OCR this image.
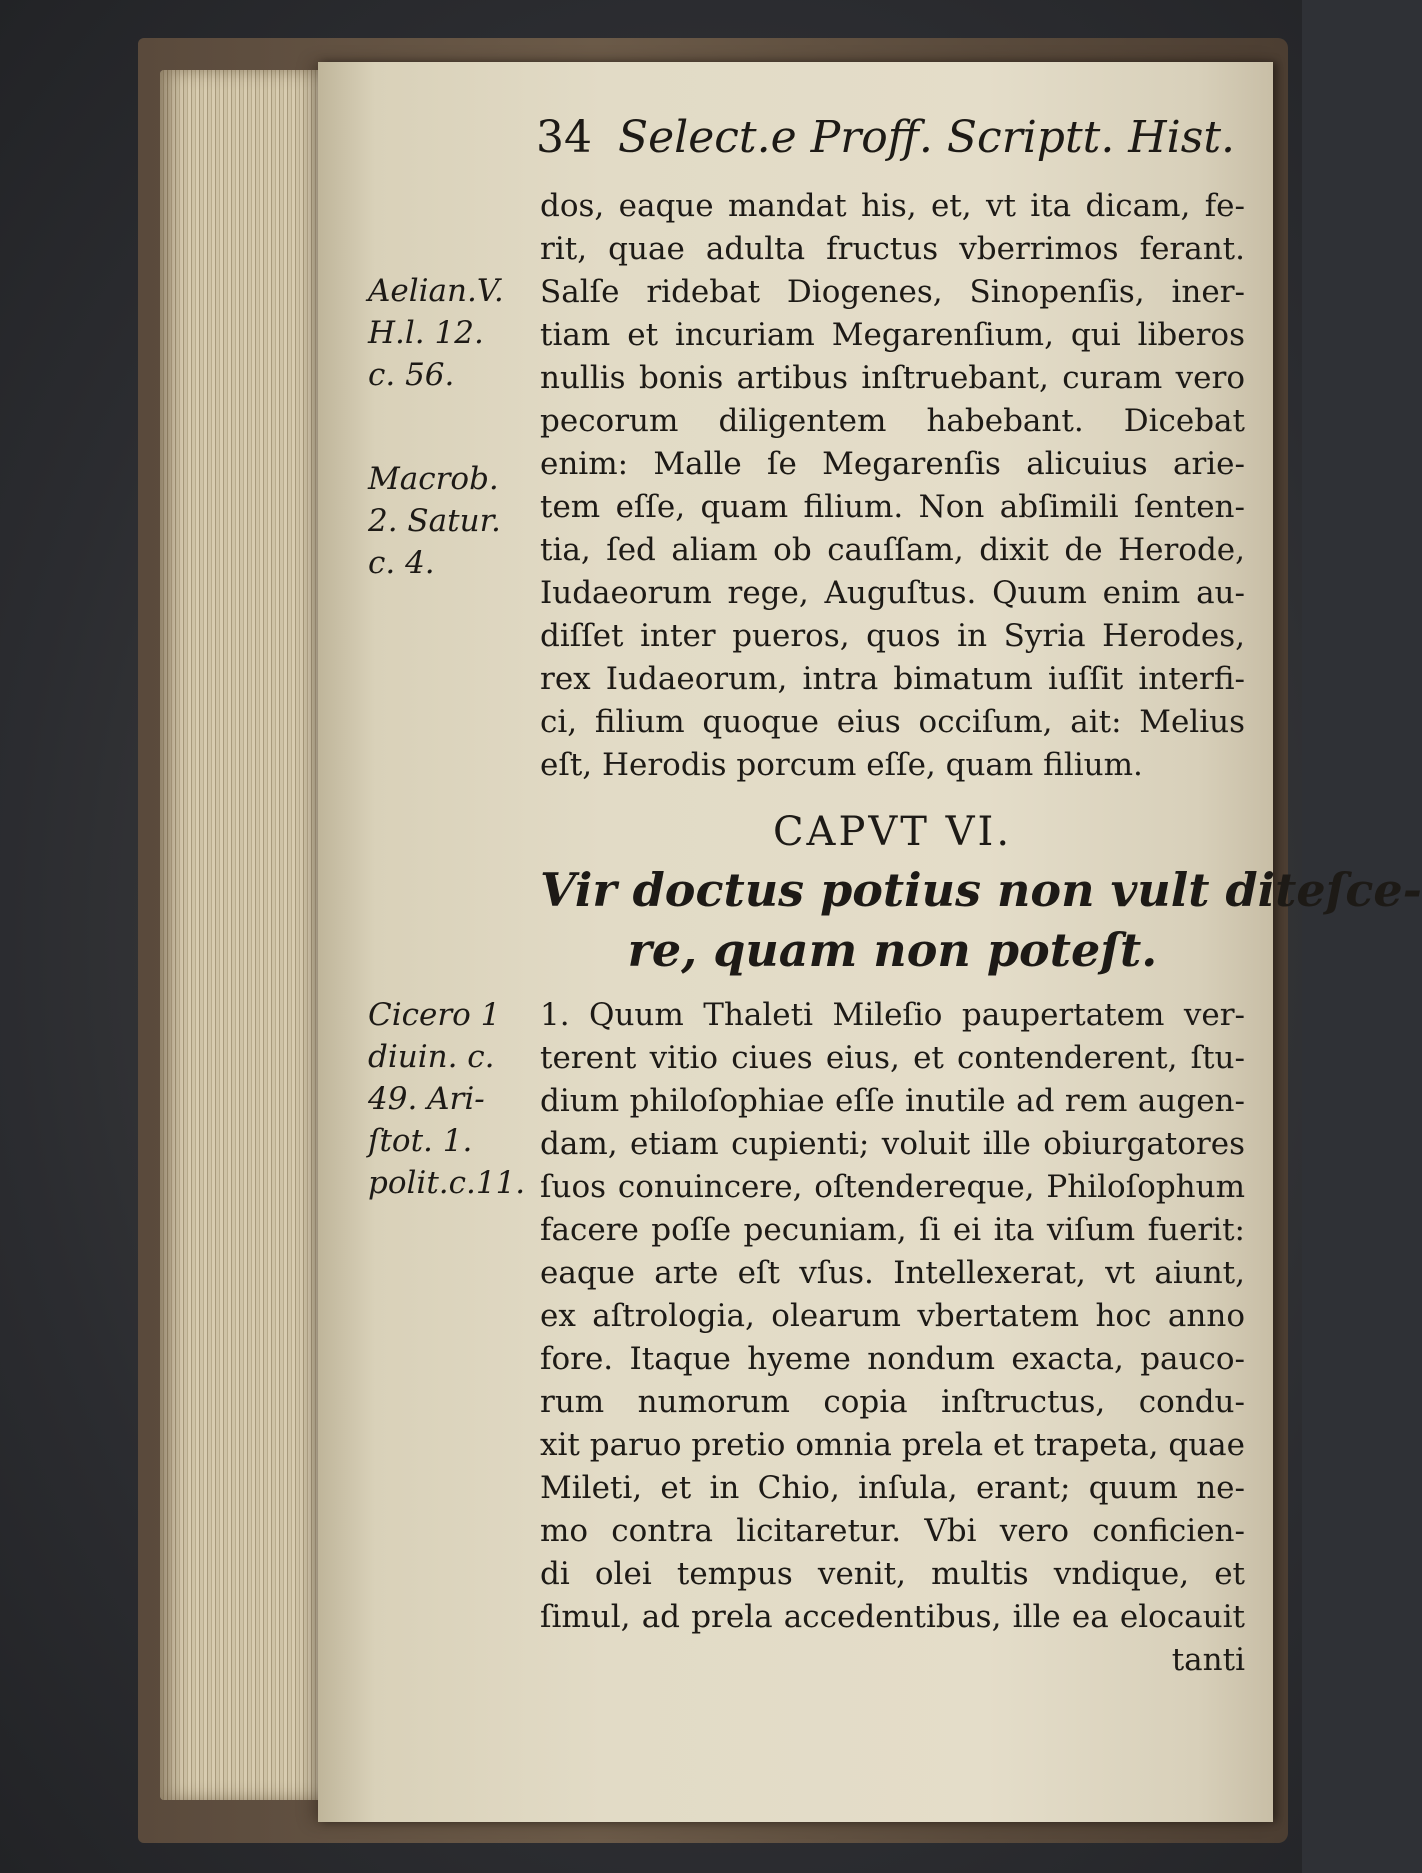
34 Select.e Proff. Scriptt. Hist.
Aelian.V.
H.l. 12.
c. 56.
Macrob.
2. Satur.
c. 4.
Cicero 1
diuin. c.
49. Ari-
ſtot. 1.
polit.c.11.
dos, eaque mandat his, et, vt ita dicam, fe-
rit, quae adulta fructus vberrimos ferant.
Salſe ridebat Diogenes, Sinopenſis, iner-
tiam et incuriam Megarenſium, qui liberos
nullis bonis artibus inſtruebant, curam vero
pecorum diligentem habebant. Dicebat
enim: Malle ſe Megarenſis alicuius arie-
tem eſſe, quam filium. Non abſimili ſenten-
tia, ſed aliam ob cauſſam, dixit de Herode,
Iudaeorum rege, Auguſtus. Quum enim au-
diſſet inter pueros, quos in Syria Herodes,
rex Iudaeorum, intra bimatum iuſſit interfi-
ci, filium quoque eius occiſum, ait: Melius
eſt, Herodis porcum eſſe, quam filium.
CAPVT VI.
Vir doctus potius non vult diteſce-
re, quam non poteſt.
1. Quum Thaleti Mileſio paupertatem ver-
terent vitio ciues eius, et contenderent, ſtu-
dium philoſophiae eſſe inutile ad rem augen-
dam, etiam cupienti; voluit ille obiurgatores
ſuos conuincere, oſtendereque, Philoſophum
facere poſſe pecuniam, ſi ei ita viſum fuerit:
eaque arte eſt vſus. Intellexerat, vt aiunt,
ex aſtrologia, olearum vbertatem hoc anno
fore. Itaque hyeme nondum exacta, pauco-
rum numorum copia inſtructus, condu-
xit paruo pretio omnia prela et trapeta, quae
Mileti, et in Chio, inſula, erant; quum ne-
mo contra licitaretur. Vbi vero conficien-
di olei tempus venit, multis vndique, et
ſimul, ad prela accedentibus, ille ea elocauit
tanti
